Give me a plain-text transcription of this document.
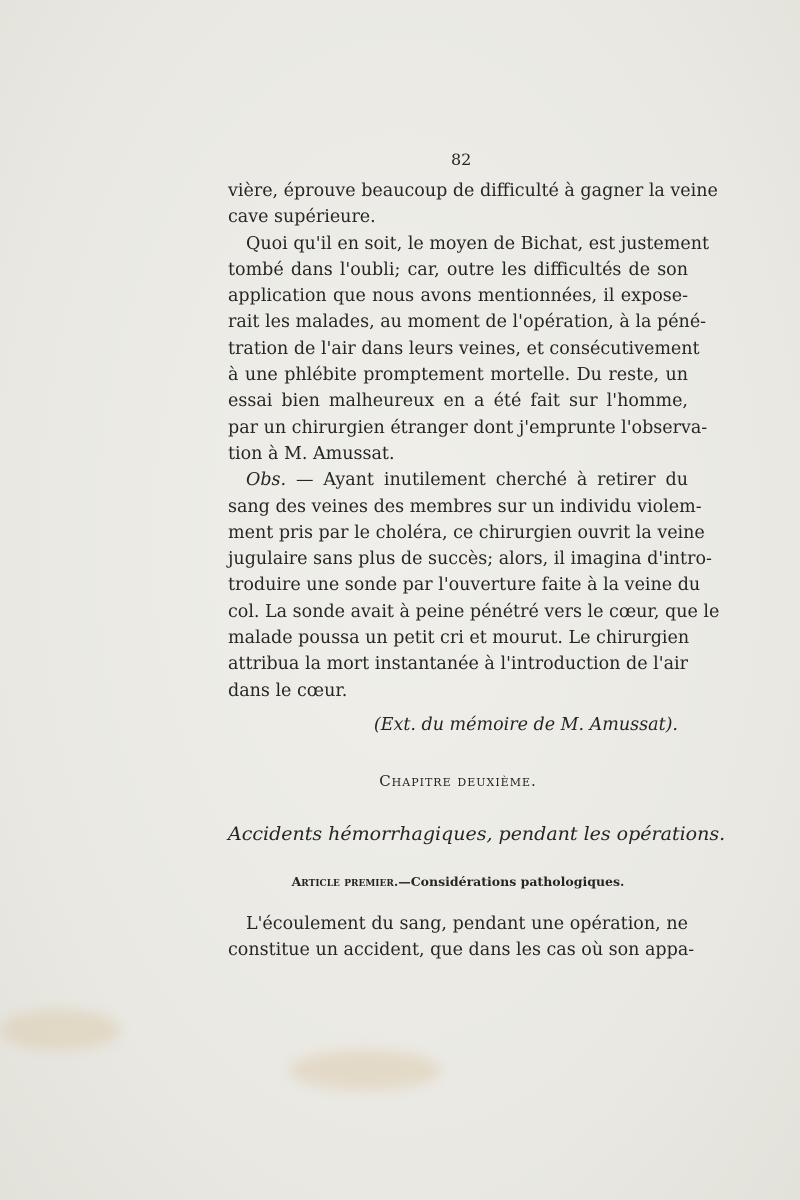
82
vière, éprouve beaucoup de difficulté à gagner la veine
cave supérieure.
Quoi qu'il en soit, le moyen de Bichat, est justement
tombé dans l'oubli; car, outre les difficultés de son
application que nous avons mentionnées, il expose-
rait les malades, au moment de l'opération, à la péné-
tration de l'air dans leurs veines, et consécutivement
à une phlébite promptement mortelle. Du reste, un
essai bien malheureux en a été fait sur l'homme,
par un chirurgien étranger dont j'emprunte l'observa-
tion à M. Amussat.
Obs. — Ayant inutilement cherché à retirer du
sang des veines des membres sur un individu violem-
ment pris par le choléra, ce chirurgien ouvrit la veine
jugulaire sans plus de succès; alors, il imagina d'intro-
troduire une sonde par l'ouverture faite à la veine du
col. La sonde avait à peine pénétré vers le cœur, que le
malade poussa un petit cri et mourut. Le chirurgien
attribua la mort instantanée à l'introduction de l'air
dans le cœur.
(Ext. du mémoire de M. Amussat).
Chapitre deuxième.
Accidents hémorrhagiques, pendant les opérations.
Article premier.—Considérations pathologiques.
L'écoulement du sang, pendant une opération, ne
constitue un accident, que dans les cas où son appa-
